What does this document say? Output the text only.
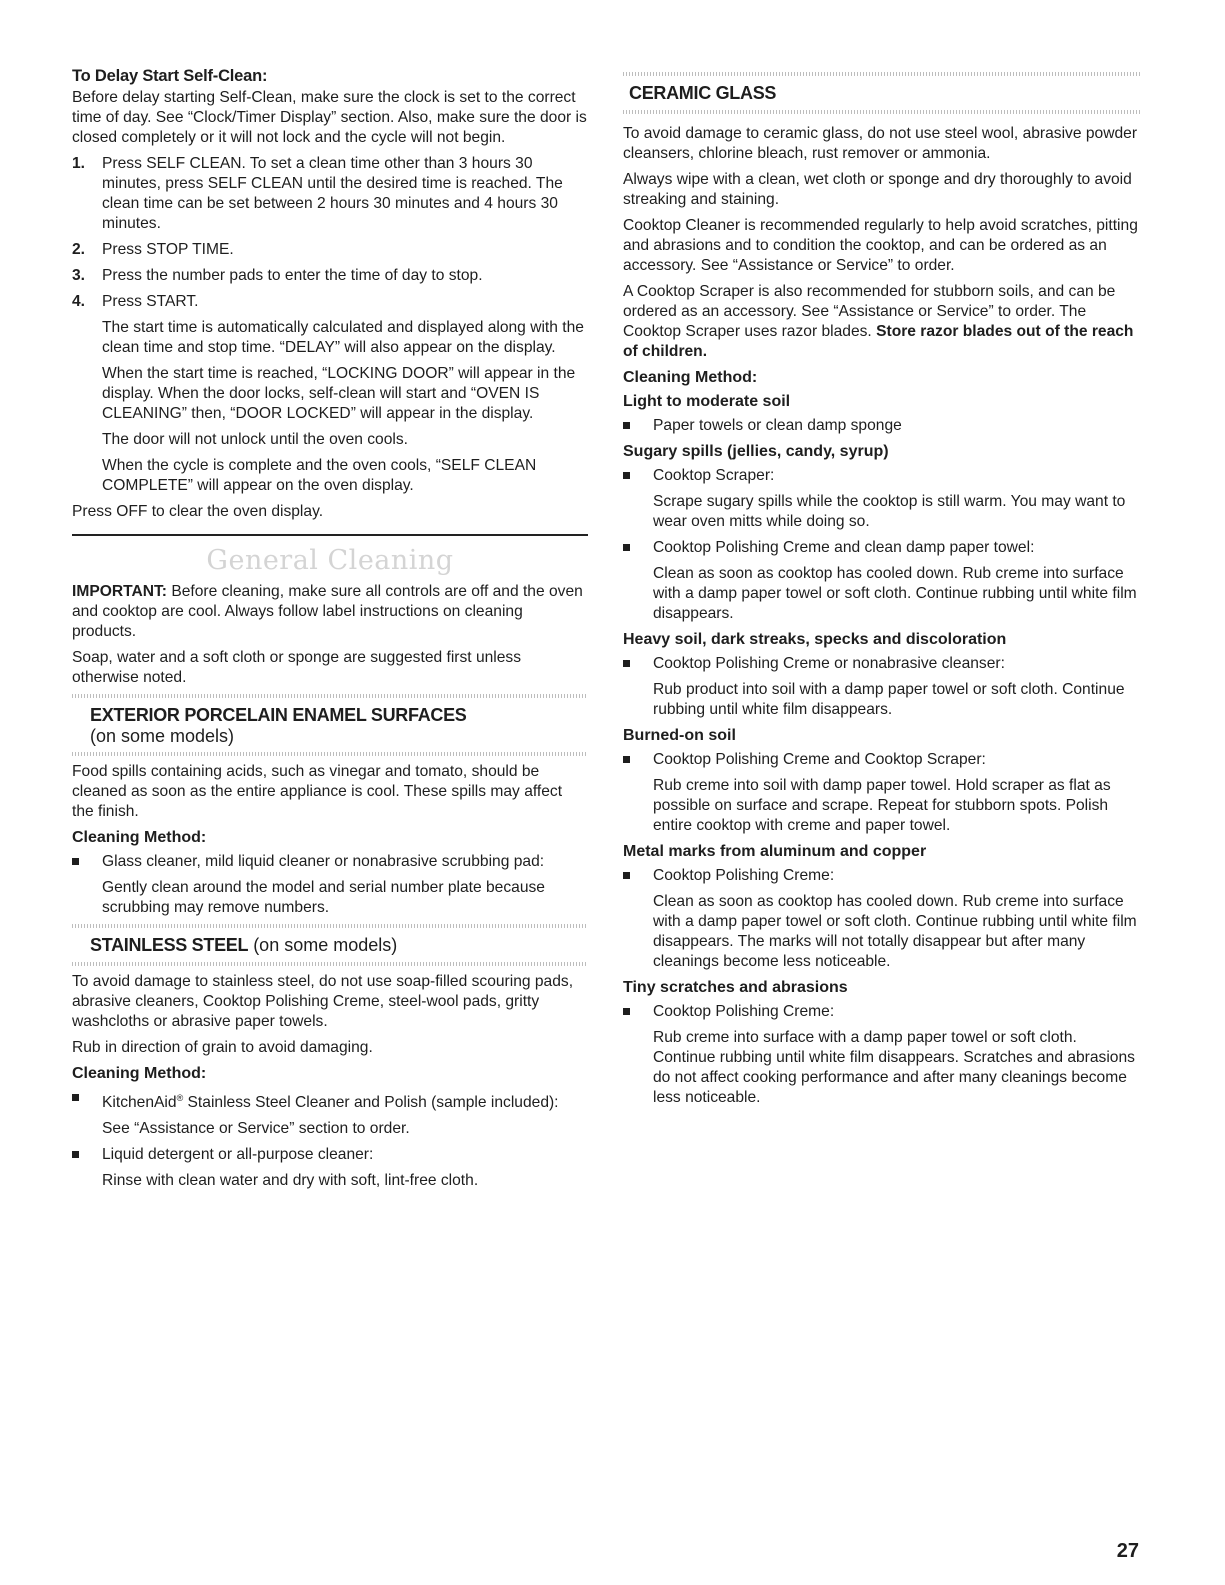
To Delay Start Self-Clean:

Before delay starting Self-Clean, make sure the clock is set to the correct time of day. See “Clock/Timer Display” section. Also, make sure the door is closed completely or it will not lock and the cycle will not begin.

1.	Press SELF CLEAN. To set a clean time other than 3 hours 30 minutes, press SELF CLEAN until the desired time is reached. The clean time can be set between 2 hours 30 minutes and 4 hours 30 minutes.

2.	Press STOP TIME.

3.	Press the number pads to enter the time of day to stop.

4.	Press START.

The start time is automatically calculated and displayed along with the clean time and stop time. “DELAY” will also appear on the display.

When the start time is reached, “LOCKING DOOR” will appear in the display. When the door locks, self-clean will start and “OVEN IS CLEANING” then, “DOOR LOCKED” will appear in the display.

The door will not unlock until the oven cools.

When the cycle is complete and the oven cools, “SELF CLEAN COMPLETE” will appear on the oven display.

Press OFF to clear the oven display.

General Cleaning

IMPORTANT: Before cleaning, make sure all controls are off and the oven and cooktop are cool. Always follow label instructions on cleaning products.

Soap, water and a soft cloth or sponge are suggested first unless otherwise noted.

EXTERIOR PORCELAIN ENAMEL SURFACES
(on some models)

Food spills containing acids, such as vinegar and tomato, should be cleaned as soon as the entire appliance is cool. These spills may affect the finish.

Cleaning Method:
Glass cleaner, mild liquid cleaner or nonabrasive scrubbing pad:

Gently clean around the model and serial number plate because scrubbing may remove numbers.

STAINLESS STEEL (on some models)

To avoid damage to stainless steel, do not use soap-filled scouring pads, abrasive cleaners, Cooktop Polishing Creme, steel-wool pads, gritty washcloths or abrasive paper towels.

Rub in direction of grain to avoid damaging.

Cleaning Method:
KitchenAid® Stainless Steel Cleaner and Polish (sample included):

See “Assistance or Service” section to order.

Liquid detergent or all-purpose cleaner:

Rinse with clean water and dry with soft, lint-free cloth.

CERAMIC GLASS

To avoid damage to ceramic glass, do not use steel wool, abrasive powder cleansers, chlorine bleach, rust remover or ammonia.

Always wipe with a clean, wet cloth or sponge and dry thoroughly to avoid streaking and staining.

Cooktop Cleaner is recommended regularly to help avoid scratches, pitting and abrasions and to condition the cooktop, and can be ordered as an accessory. See “Assistance or Service” to order.

A Cooktop Scraper is also recommended for stubborn soils, and can be ordered as an accessory. See “Assistance or Service” to order. The Cooktop Scraper uses razor blades. Store razor blades out of the reach of children.

Cleaning Method:
Light to moderate soil
Paper towels or clean damp sponge
Sugary spills (jellies, candy, syrup)
Cooktop Scraper:

Scrape sugary spills while the cooktop is still warm. You may want to wear oven mitts while doing so.

Cooktop Polishing Creme and clean damp paper towel:

Clean as soon as cooktop has cooled down. Rub creme into surface with a damp paper towel or soft cloth. Continue rubbing until white film disappears.

Heavy soil, dark streaks, specks and discoloration
Cooktop Polishing Creme or nonabrasive cleanser:

Rub product into soil with a damp paper towel or soft cloth. Continue rubbing until white film disappears.

Burned-on soil
Cooktop Polishing Creme and Cooktop Scraper:

Rub creme into soil with damp paper towel. Hold scraper as flat as possible on surface and scrape. Repeat for stubborn spots. Polish entire cooktop with creme and paper towel.

Metal marks from aluminum and copper
Cooktop Polishing Creme:

Clean as soon as cooktop has cooled down. Rub creme into surface with a damp paper towel or soft cloth. Continue rubbing until white film disappears. The marks will not totally disappear but after many cleanings become less noticeable.

Tiny scratches and abrasions
Cooktop Polishing Creme:

Rub creme into surface with a damp paper towel or soft cloth. Continue rubbing until white film disappears. Scratches and abrasions do not affect cooking performance and after many cleanings become less noticeable.

27
